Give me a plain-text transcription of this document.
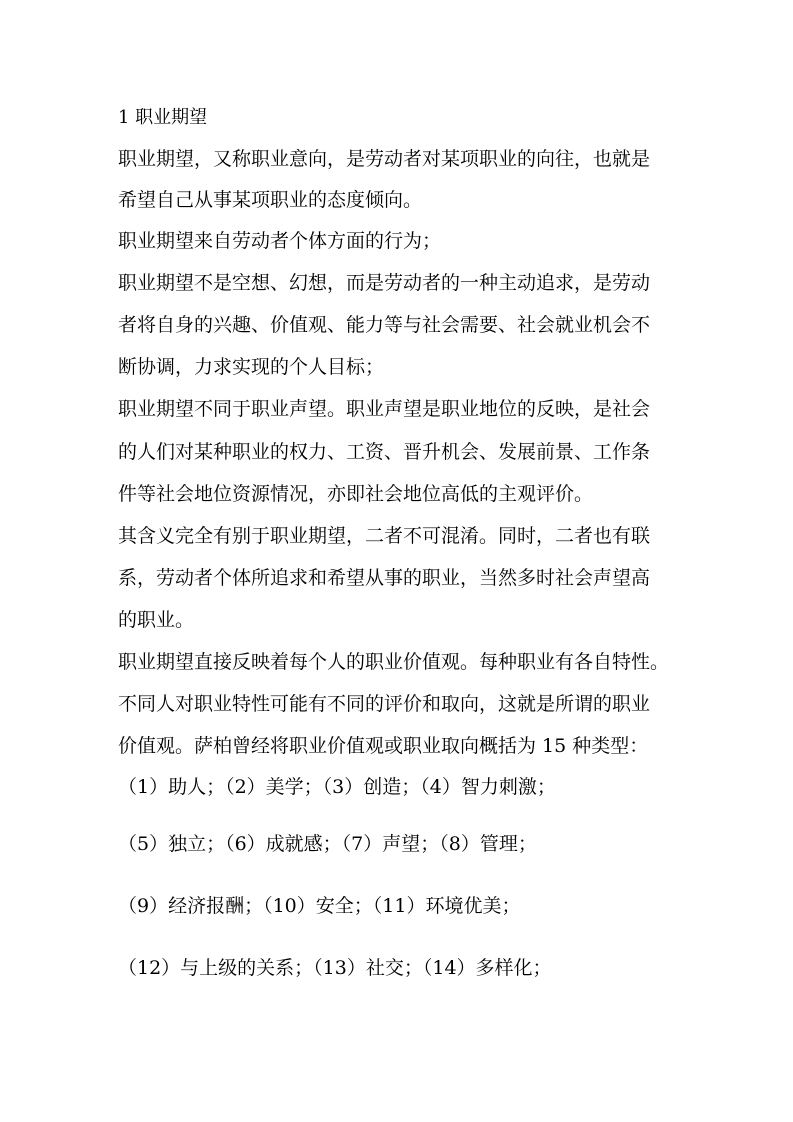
1 职业期望
职业期望，又称职业意向，是劳动者对某项职业的向往，也就是
希望自己从事某项职业的态度倾向。
职业期望来自劳动者个体方面的行为；
职业期望不是空想、幻想，而是劳动者的一种主动追求，是劳动
者将自身的兴趣、价值观、能力等与社会需要、社会就业机会不
断协调，力求实现的个人目标；
职业期望不同于职业声望。职业声望是职业地位的反映，是社会
的人们对某种职业的权力、工资、晋升机会、发展前景、工作条
件等社会地位资源情况，亦即社会地位高低的主观评价。
其含义完全有别于职业期望，二者不可混淆。同时，二者也有联
系，劳动者个体所追求和希望从事的职业，当然多时社会声望高
的职业。
职业期望直接反映着每个人的职业价值观。每种职业有各自特性。
不同人对职业特性可能有不同的评价和取向，这就是所谓的职业
价值观。萨柏曾经将职业价值观或职业取向概括为 15 种类型：
（1）助人；（2）美学；（3）创造；（4）智力刺激；
（5）独立；（6）成就感；（7）声望；（8）管理；
（9）经济报酬；（10）安全；（11）环境优美；
（12）与上级的关系；（13）社交；（14）多样化；
